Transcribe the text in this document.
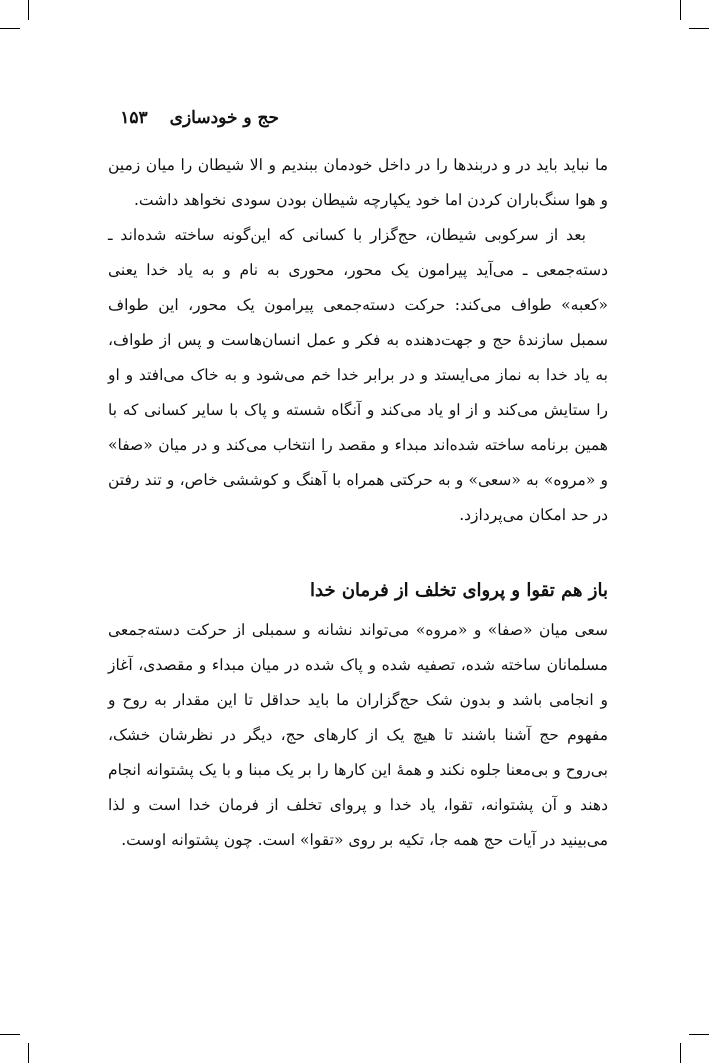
حج و خودسازی
۱۵۳

ما نباید باید در و دربندها را در داخل خودمان ببندیم و الا شیطان را میان زمین و هوا سنگ‌باران کردن اما خود یکپارچه شیطان بودن سودی نخواهد داشت.

بعد از سرکوبی شیطان، حج‌گزار با کسانی که این‌گونه ساخته شده‌اند ـ دسته‌جمعی ـ می‌آید پیرامون یک محور، محوری به نام و به یاد خدا یعنی «کعبه» طواف می‌کند: حرکت دسته‌جمعی پیرامون یک محور، این طواف سمبل سازندهٔ حج و جهت‌دهنده به فکر و عمل انسان‌هاست و پس از طواف، به یاد خدا به نماز می‌ایستد و در برابر خدا خم می‌شود و به خاک می‌افتد و او را ستایش می‌کند و از او یاد می‌کند و آنگاه شسته و پاک با سایر کسانی که با همین برنامه ساخته شده‌اند مبداء و مقصد را انتخاب می‌کند و در میان «صفا» و «مروه» به «سعی» و به حرکتی همراه با آهنگ و کوششی خاص، و تند رفتن در حد امکان می‌پردازد.

باز هم تقوا و پروای تخلف از فرمان خدا

سعی میان «صفا» و «مروه» می‌تواند نشانه و سمبلی از حرکت دسته‌جمعی مسلمانان ساخته شده، تصفیه شده و پاک شده در میان مبداء و مقصدی، آغاز و انجامی باشد و بدون شک حج‌گزاران ما باید حداقل تا این مقدار به روح و مفهوم حج آشنا باشند تا هیچ یک از کارهای حج، دیگر در نظرشان خشک، بی‌روح و بی‌معنا جلوه نکند و همهٔ این کارها را بر یک مبنا و با یک پشتوانه انجام دهند و آن پشتوانه، تقوا، یاد خدا و پروای تخلف از فرمان خدا است و لذا می‌بینید در آیات حج همه جا، تکیه بر روی «تقوا» است. چون پشتوانه اوست.
